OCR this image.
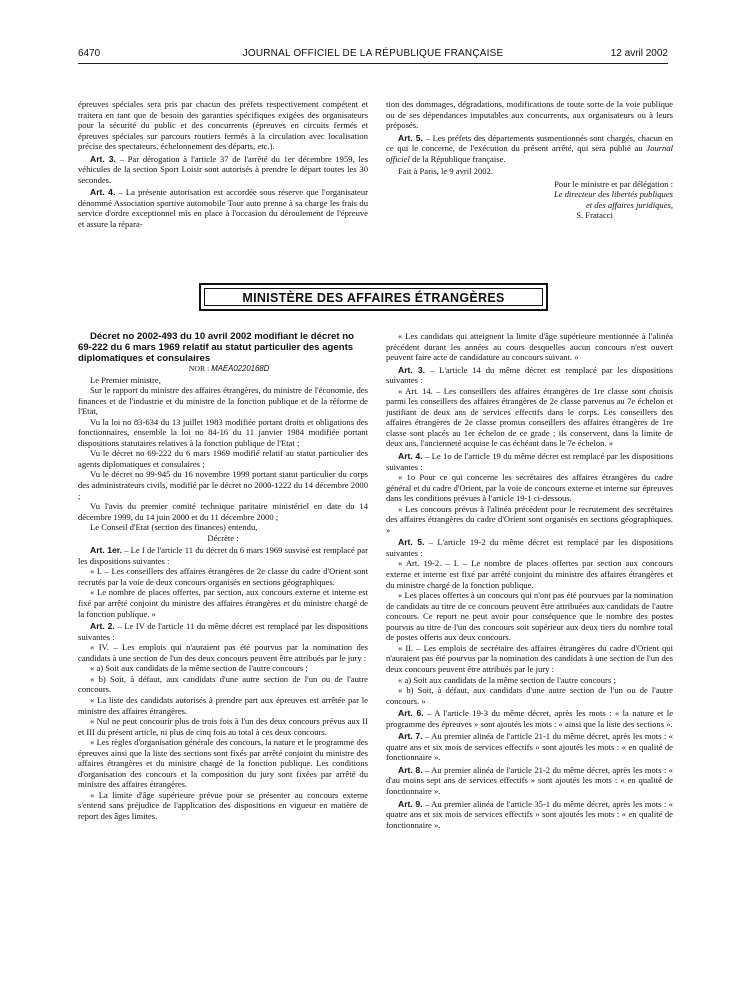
6470	JOURNAL OFFICIEL DE LA RÉPUBLIQUE FRANÇAISE	12 avril 2002

épreuves spéciales sera pris par chacun des préfets respectivement compétent et traitera en tant que de besoin des garanties spécifiques exigées des organisateurs pour la sécurité du public et des concurrents (épreuves en circuits fermés et épreuves spéciales sur parcours routiers fermés à la circulation avec localisation précise des spectateurs, échelonnement des départs, etc.).

Art. 3. – Par dérogation à l'article 37 de l'arrêté du 1er décembre 1959, les véhicules de la section Sport Loisir sont autorisés à prendre le départ toutes les 30 secondes.

Art. 4. – La présente autorisation est accordée sous réserve que l'organisateur dénommé Association sportive automobile Tour auto prenne à sa charge les frais du service d'ordre exceptionnel mis en place à l'occasion du déroulement de l'épreuve et assure la répara-

tion des dommages, dégradations, modifications de toute sorte de la voie publique ou de ses dépendances imputables aux concurrents, aux organisateurs ou à leurs préposés.

Art. 5. – Les préfets des départements susmentionnés sont chargés, chacun en ce qui le concerne, de l'exécution du présent arrêté, qui sera publié au Journal officiel de la République française.

Fait à Paris, le 9 avril 2002.

Pour le ministre et par délégation :

Le directeur des libertés publiques

et des affaires juridiques,

S. Fratacci

MINISTÈRE DES AFFAIRES ÉTRANGÈRES

Décret no 2002-493 du 10 avril 2002 modifiant le décret no 69-222 du 6 mars 1969 relatif au statut particulier des agents diplomatiques et consulaires

NOR : MAEA0220168D

Le Premier ministre,

Sur le rapport du ministre des affaires étrangères, du ministre de l'économie, des finances et de l'industrie et du ministre de la fonction publique et de la réforme de l'Etat,

Vu la loi no 83-634 du 13 juillet 1983 modifiée portant droits et obligations des fonctionnaires, ensemble la loi no 84-16 du 11 janvier 1984 modifiée portant dispositions statutaires relatives à la fonction publique de l'Etat ;

Vu le décret no 69-222 du 6 mars 1969 modifié relatif au statut particulier des agents diplomatiques et consulaires ;

Vu le décret no 99-945 du 16 novembre 1999 portant statut particulier du corps des administrateurs civils, modifié par le décret no 2000-1222 du 14 décembre 2000 ;

Vu l'avis du premier comité technique paritaire ministériel en date du 14 décembre 1999, du 14 juin 2000 et du 11 décembre 2000 ;

Le Conseil d'Etat (section des finances) entendu,

Décrète :

Art. 1er. – Le I de l'article 11 du décret du 6 mars 1969 susvisé est remplacé par les dispositions suivantes :

« I. – Les conseillers des affaires étrangères de 2e classe du cadre d'Orient sont recrutés par la voie de deux concours organisés en sections géographiques.

« Le nombre de places offertes, par section, aux concours externe et interne est fixé par arrêté conjoint du ministre des affaires étrangères et du ministre chargé de la fonction publique. »

Art. 2. – Le IV de l'article 11 du même décret est remplacé par les dispositions suivantes :

« IV. – Les emplois qui n'auraient pas été pourvus par la nomination des candidats à une section de l'un des deux concours peuvent être attribués par le jury :

« a) Soit aux candidats de la même section de l'autre concours ;

« b) Soit, à défaut, aux candidats d'une autre section de l'un ou de l'autre concours.

« La liste des candidats autorisés à prendre part aux épreuves est arrêtée par le ministre des affaires étrangères.

« Nul ne peut concourir plus de trois fois à l'un des deux concours prévus aux II et III du présent article, ni plus de cinq fois au total à ces deux concours.

« Les règles d'organisation générale des concours, la nature et le programme des épreuves ainsi que la liste des sections sont fixés par arrêté conjoint du ministre des affaires étrangères et du ministre chargé de la fonction publique. Les conditions d'organisation des concours et la composition du jury sont fixées par arrêté du ministre des affaires étrangères.

« La limite d'âge supérieure prévue pour se présenter au concours externe s'entend sans préjudice de l'application des dispositions en vigueur en matière de report des âges limites.

« Les candidats qui atteignent la limite d'âge supérieure mentionnée à l'alinéa précédent durant les années au cours desquelles aucun concours n'est ouvert peuvent faire acte de candidature au concours suivant. »

Art. 3. – L'article 14 du même décret est remplacé par les dispositions suivantes :

« Art. 14. – Les conseillers des affaires étrangères de 1re classe sont choisis parmi les conseillers des affaires étrangères de 2e classe parvenus au 7e échelon et justifiant de deux ans de services effectifs dans le corps. Les conseillers des affaires étrangères de 2e classe promus conseillers des affaires étrangères de 1re classe sont placés au 1er échelon de ce grade ; ils conservent, dans la limite de deux ans, l'ancienneté acquise le cas échéant dans le 7e échelon. »

Art. 4. – Le 1o de l'article 19 du même décret est remplacé par les dispositions suivantes :

« 1o Pour ce qui concerne les secrétaires des affaires étrangères du cadre général et du cadre d'Orient, par la voie de concours externe et interne sur épreuves dans les conditions prévues à l'article 19-1 ci-dessous.

« Les concours prévus à l'alinéa précédent pour le recrutement des secrétaires des affaires étrangères du cadre d'Orient sont organisés en sections géographiques. »

Art. 5. – L'article 19-2 du même décret est remplacé par les dispositions suivantes :

« Art. 19-2. – I. – Le nombre de places offertes par section aux concours externe et interne est fixé par arrêté conjoint du ministre des affaires étrangères et du ministre chargé de la fonction publique.

« Les places offertes à un concours qui n'ont pas été pourvues par la nomination de candidats au titre de ce concours peuvent être attribuées aux candidats de l'autre concours. Ce report ne peut avoir pour conséquence que le nombre des postes pourvus au titre de l'un des concours soit supérieur aux deux tiers du nombre total de postes offerts aux deux concours.

« II. – Les emplois de secrétaire des affaires étrangères du cadre d'Orient qui n'auraient pas été pourvus par la nomination des candidats à une section de l'un des deux concours peuvent être attribués par le jury :

« a) Soit aux candidats de la même section de l'autre concours ;

« b) Soit, à défaut, aux candidats d'une autre section de l'un ou de l'autre concours. »

Art. 6. – A l'article 19-3 du même décret, après les mots : « la nature et le programme des épreuves » sont ajoutés les mots : « ainsi que la liste des sections ».

Art. 7. – Au premier alinéa de l'article 21-1 du même décret, après les mots : « quatre ans et six mois de services effectifs » sont ajoutés les mots : « en qualité de fonctionnaire ».

Art. 8. – Au premier alinéa de l'article 21-2 du même décret, après les mots : « d'au moins sept ans de services effectifs » sont ajoutés les mots : « en qualité de fonctionnaire ».

Art. 9. – Au premier alinéa de l'article 35-1 du même décret, après les mots : « quatre ans et six mois de services effectifs » sont ajoutés les mots : « en qualité de fonctionnaire ».
